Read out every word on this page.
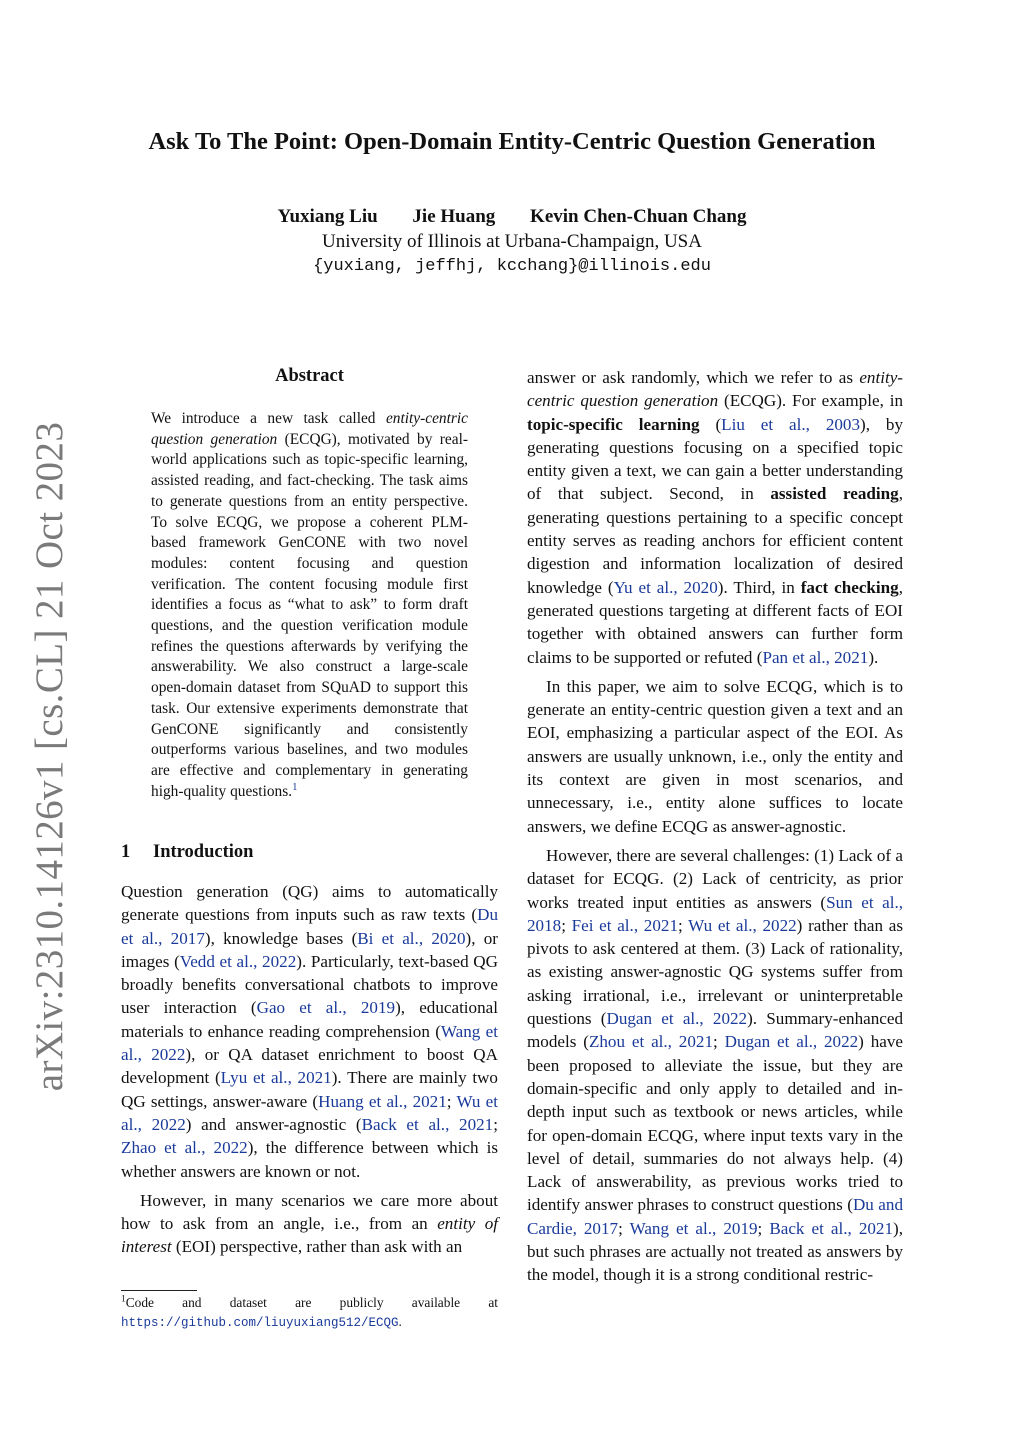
arXiv:2310.14126v1 [cs.CL] 21 Oct 2023
Ask To The Point: Open-Domain Entity-Centric Question Generation
Yuxiang Liu Jie Huang Kevin Chen-Chuan Chang
University of Illinois at Urbana-Champaign, USA
{yuxiang, jeffhj, kcchang}@illinois.edu
Abstract

We introduce a new task called entity-centric question generation (ECQG), motivated by real-world applications such as topic-specific learning, assisted reading, and fact-checking. The task aims to generate questions from an entity perspective. To solve ECQG, we propose a coherent PLM-based framework GenCONE with two novel modules: content focusing and question verification. The content focusing module first identifies a focus as “what to ask” to form draft questions, and the question verification module refines the questions afterwards by verifying the answerability. We also construct a large-scale open-domain dataset from SQuAD to support this task. Our extensive experiments demonstrate that GenCONE significantly and consistently outperforms various baselines, and two modules are effective and complementary in generating high-quality questions.$^1$

1 Introduction

Question generation (QG) aims to automatically generate questions from inputs such as raw texts (Du et al., 2017), knowledge bases (Bi et al., 2020), or images (Vedd et al., 2022). Particularly, text-based QG broadly benefits conversational chatbots to improve user interaction (Gao et al., 2019), educational materials to enhance reading comprehension (Wang et al., 2022), or QA dataset enrichment to boost QA development (Lyu et al., 2021). There are mainly two QG settings, answer-aware (Huang et al., 2021; Wu et al., 2022) and answer-agnostic (Back et al., 2021; Zhao et al., 2022), the difference between which is whether answers are known or not.

However, in many scenarios we care more about how to ask from an angle, i.e., from an entity of interest (EOI) perspective, rather than ask with an

$^1$Code and dataset are publicly available at https://github.com/liuyuxiang512/ECQG.

answer or ask randomly, which we refer to as entity-centric question generation (ECQG). For example, in topic-specific learning (Liu et al., 2003), by generating questions focusing on a specified topic entity given a text, we can gain a better understanding of that subject. Second, in assisted reading, generating questions pertaining to a specific concept entity serves as reading anchors for efficient content digestion and information localization of desired knowledge (Yu et al., 2020). Third, in fact checking, generated questions targeting at different facts of EOI together with obtained answers can further form claims to be supported or refuted (Pan et al., 2021).

In this paper, we aim to solve ECQG, which is to generate an entity-centric question given a text and an EOI, emphasizing a particular aspect of the EOI. As answers are usually unknown, i.e., only the entity and its context are given in most scenarios, and unnecessary, i.e., entity alone suffices to locate answers, we define ECQG as answer-agnostic.

However, there are several challenges: (1) Lack of a dataset for ECQG. (2) Lack of centricity, as prior works treated input entities as answers (Sun et al., 2018; Fei et al., 2021; Wu et al., 2022) rather than as pivots to ask centered at them. (3) Lack of rationality, as existing answer-agnostic QG systems suffer from asking irrational, i.e., irrelevant or uninterpretable questions (Dugan et al., 2022). Summary-enhanced models (Zhou et al., 2021; Dugan et al., 2022) have been proposed to alleviate the issue, but they are domain-specific and only apply to detailed and in-depth input such as textbook or news articles, while for open-domain ECQG, where input texts vary in the level of detail, summaries do not always help. (4) Lack of answerability, as previous works tried to identify answer phrases to construct questions (Du and Cardie, 2017; Wang et al., 2019; Back et al., 2021), but such phrases are actually not treated as answers by the model, though it is a strong conditional restric-
